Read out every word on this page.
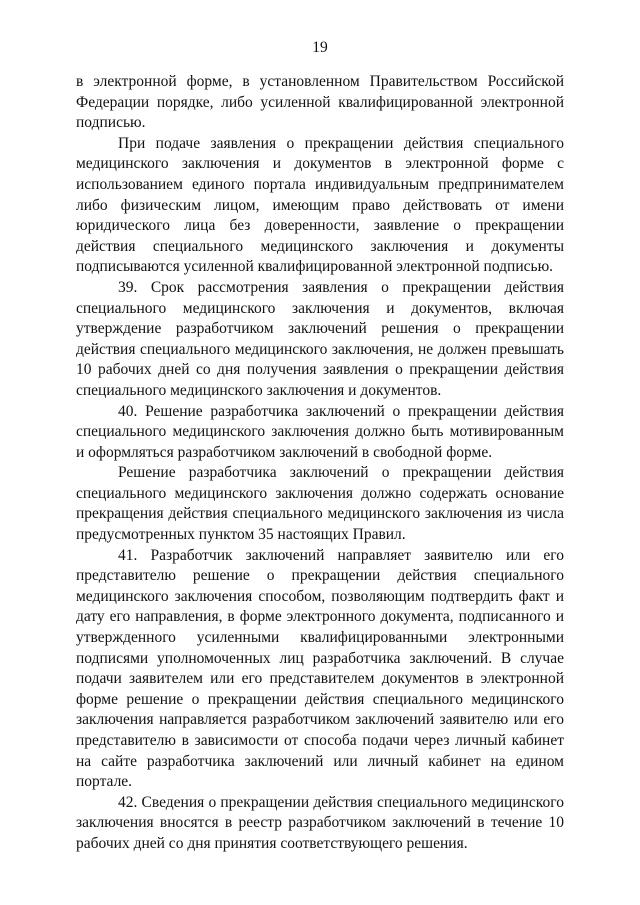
19

в электронной форме, в установленном Правительством Российской Федерации порядке, либо усиленной квалифицированной электронной подписью.

При подаче заявления о прекращении действия специального медицинского заключения и документов в электронной форме с использованием единого портала индивидуальным предпринимателем либо физическим лицом, имеющим право действовать от имени юридического лица без доверенности, заявление о прекращении действия специального медицинского заключения и документы подписываются усиленной квалифицированной электронной подписью.

39. Срок рассмотрения заявления о прекращении действия специального медицинского заключения и документов, включая утверждение разработчиком заключений решения о прекращении действия специального медицинского заключения, не должен превышать 10 рабочих дней со дня получения заявления о прекращении действия специального медицинского заключения и документов.

40. Решение разработчика заключений о прекращении действия специального медицинского заключения должно быть мотивированным и оформляться разработчиком заключений в свободной форме.

Решение разработчика заключений о прекращении действия специального медицинского заключения должно содержать основание прекращения действия специального медицинского заключения из числа предусмотренных пунктом 35 настоящих Правил.

41. Разработчик заключений направляет заявителю или его представителю решение о прекращении действия специального медицинского заключения способом, позволяющим подтвердить факт и дату его направления, в форме электронного документа, подписанного и утвержденного усиленными квалифицированными электронными подписями уполномоченных лиц разработчика заключений. В случае подачи заявителем или его представителем документов в электронной форме решение о прекращении действия специального медицинского заключения направляется разработчиком заключений заявителю или его представителю в зависимости от способа подачи через личный кабинет на сайте разработчика заключений или личный кабинет на едином портале.

42. Сведения о прекращении действия специального медицинского заключения вносятся в реестр разработчиком заключений в течение 10 рабочих дней со дня принятия соответствующего решения.
